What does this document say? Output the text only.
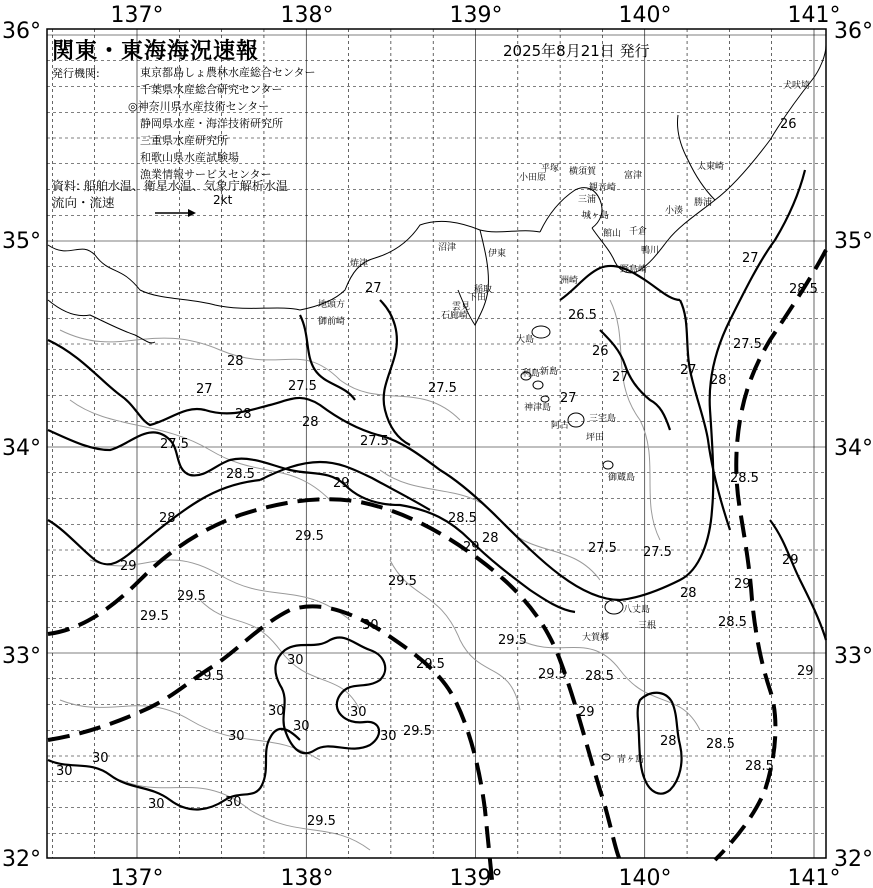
26
26.5
26
27
27
27
27
27
27
27.5
27.5
27.5
27.5	27.5
27.5 27.5
28
28
28
28
28
28
28
28
28.5
28.5
28.5
28.5
28.5
28.5
28.5
28.5
29
29
29
29
29
29
29
29.5
29.5
29.5
29.5
29.5
29.5
29.5
29.5
29.5
29.5
30
30
30	30
30
30
30
30
30
30	30
犬吠埼
太東崎
勝浦
小湊
鴨川
千倉
野島崎
館山
洲崎
富津
観音崎
横須賀
平塚
三浦
城ヶ島
小田原
沼津
焼津
伊東
稲取
下田
石廊崎
雲見
御前崎
地頭方
大島
新島
神津島
利島
三宅島
阿古
坪田
御蔵島
八丈島
三根
大賀郷
青ヶ島
137°	138°	139°	140°	141°
137°	138°	139°	140°	141°
36°
35°
34°
33°
32°
36°
35°
34°
33°
32°
関東・東海海況速報	2025年8月21日 発行
発行機関:	東京都島しょ農林水産総合センター
千葉県水産総合研究センター
◎神奈川県水産技術センター
静岡県水産・海洋技術研究所
三重県水産研究所
和歌山県水産試験場
漁業情報サービスセンター
資料: 船舶水温、衛星水温、気象庁解析水温
流向・流速	2kt
